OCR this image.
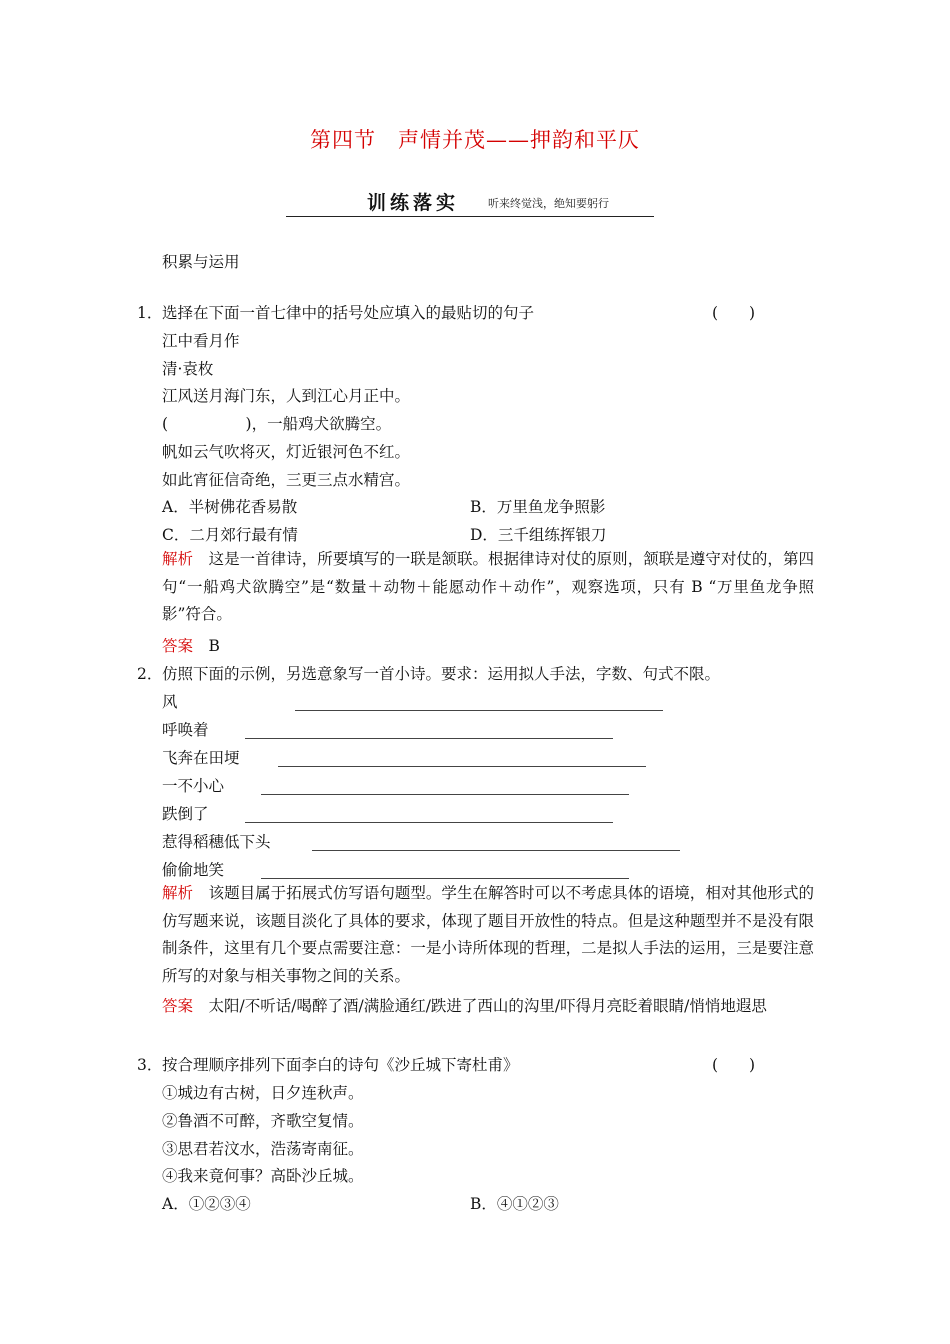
第四节　声情并茂——押韵和平仄
训练落实	听来终觉浅，绝知要躬行
积累与运用
1． 选择在下面一首七律中的括号处应填入的最贴切的句子	(　　)
江中看月作
清·袁枚
江风送月海门东，人到江心月正中。
(　　　　　)，一船鸡犬欲腾空。
帆如云气吹将灭，灯近银河色不红。
如此宵征信奇绝，三更三点水精宫。
A．半树佛花香易散	B．万里鱼龙争照影
C．二月郊行最有情	D．三千组练挥银刀
解析　 这是一首律诗，所要填写的一联是颔联。根据律诗对仗的原则，颔联是遵守对仗的，第四句“一船鸡犬欲腾空”是“数量＋动物＋能愿动作＋动作”，观察选项，只有 B “万里鱼龙争照影”符合。
答案　 B
2． 仿照下面的示例，另选意象写一首小诗。要求：运用拟人手法，字数、句式不限。
风
呼唤着
飞奔在田埂
一不小心
跌倒了
惹得稻穗低下头
偷偷地笑
解析　 该题目属于拓展式仿写语句题型。学生在解答时可以不考虑具体的语境，相对其他形式的仿写题来说，该题目淡化了具体的要求，体现了题目开放性的特点。但是这种题型并不是没有限制条件，这里有几个要点需要注意：一是小诗所体现的哲理，二是拟人手法的运用，三是要注意所写的对象与相关事物之间的关系。
答案　 太阳/不听话/喝醉了酒/满脸通红/跌进了西山的沟里/吓得月亮眨着眼睛/悄悄地遐思
3． 按合理顺序排列下面李白的诗句《沙丘城下寄杜甫》	(　　)
①城边有古树，日夕连秋声。
②鲁酒不可醉，齐歌空复情。
③思君若汶水，浩荡寄南征。
④我来竟何事？高卧沙丘城。
A．①②③④	B．④①②③
